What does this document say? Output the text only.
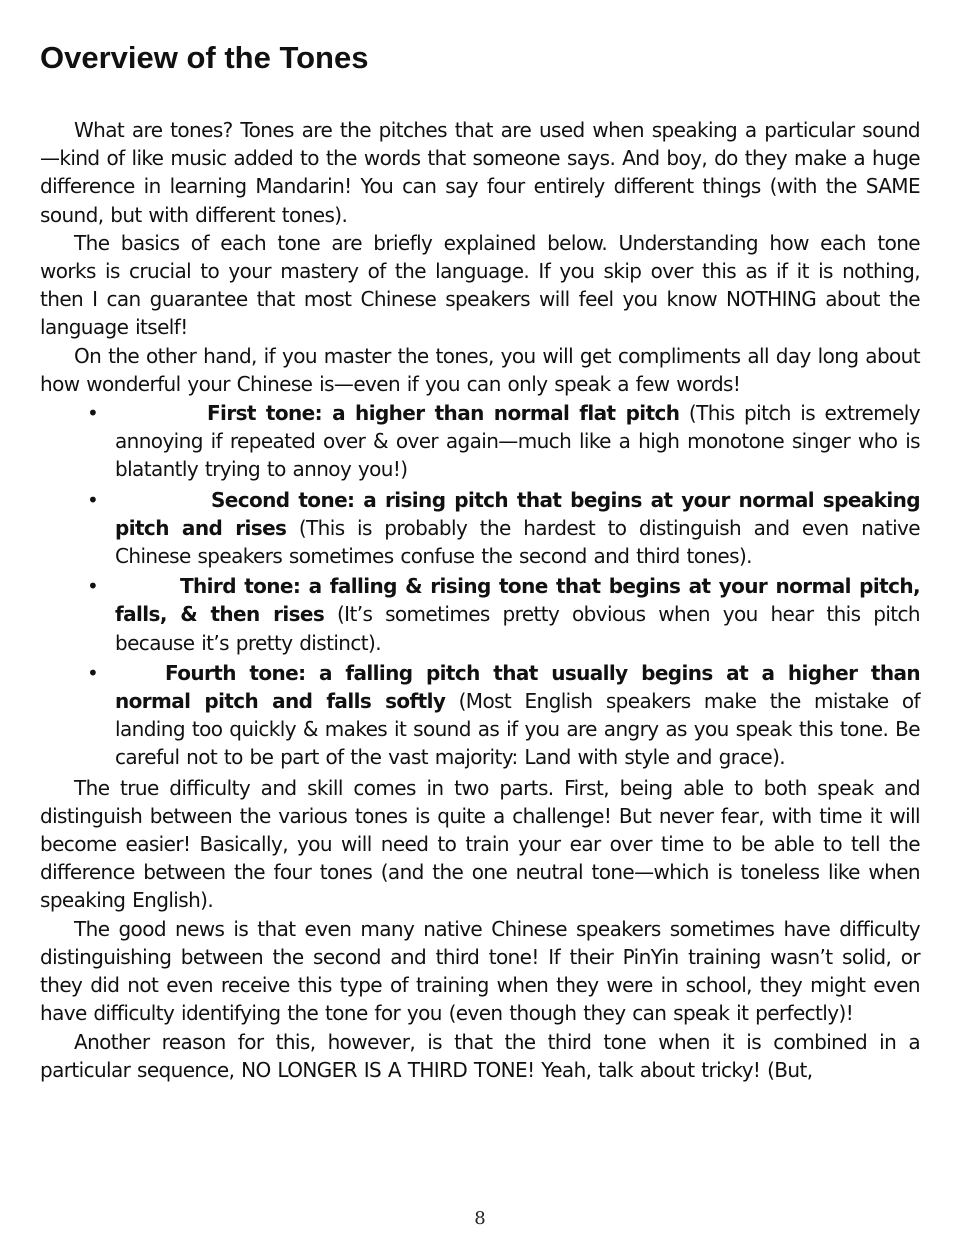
Overview of the Tones

What are tones? Tones are the pitches that are used when speaking a particular sound—kind of like music added to the words that someone says. And boy, do they make a huge difference in learning Mandarin! You can say four entirely different things (with the SAME sound, but with different tones).

The basics of each tone are briefly explained below. Understanding how each tone works is crucial to your mastery of the language. If you skip over this as if it is nothing, then I can guarantee that most Chinese speakers will feel you know NOTHING about the language itself!

On the other hand, if you master the tones, you will get compliments all day long about how wonderful your Chinese is—even if you can only speak a few words!

•	First tone: a higher than normal flat pitch (This pitch is extremely annoying if repeated over & over again—much like a high monotone singer who is blatantly trying to annoy you!)
•	Second tone: a rising pitch that begins at your normal speaking pitch and rises (This is probably the hardest to distinguish and even native Chinese speakers sometimes confuse the second and third tones).
•	Third tone: a falling & rising tone that begins at your normal pitch, falls, & then rises (It’s sometimes pretty obvious when you hear this pitch because it’s pretty distinct).
•	Fourth tone: a falling pitch that usually begins at a higher than normal pitch and falls softly (Most English speakers make the mistake of landing too quickly & makes it sound as if you are angry as you speak this tone. Be careful not to be part of the vast majority: Land with style and grace).

The true difficulty and skill comes in two parts. First, being able to both speak and distinguish between the various tones is quite a challenge! But never fear, with time it will become easier! Basically, you will need to train your ear over time to be able to tell the difference between the four tones (and the one neutral tone—which is toneless like when speaking English).

The good news is that even many native Chinese speakers sometimes have difficulty distinguishing between the second and third tone! If their PinYin training wasn’t solid, or they did not even receive this type of training when they were in school, they might even have difficulty identifying the tone for you (even though they can speak it perfectly)!

Another reason for this, however, is that the third tone when it is combined in a particular sequence, NO LONGER IS A THIRD TONE! Yeah, talk about tricky! (But,

8
